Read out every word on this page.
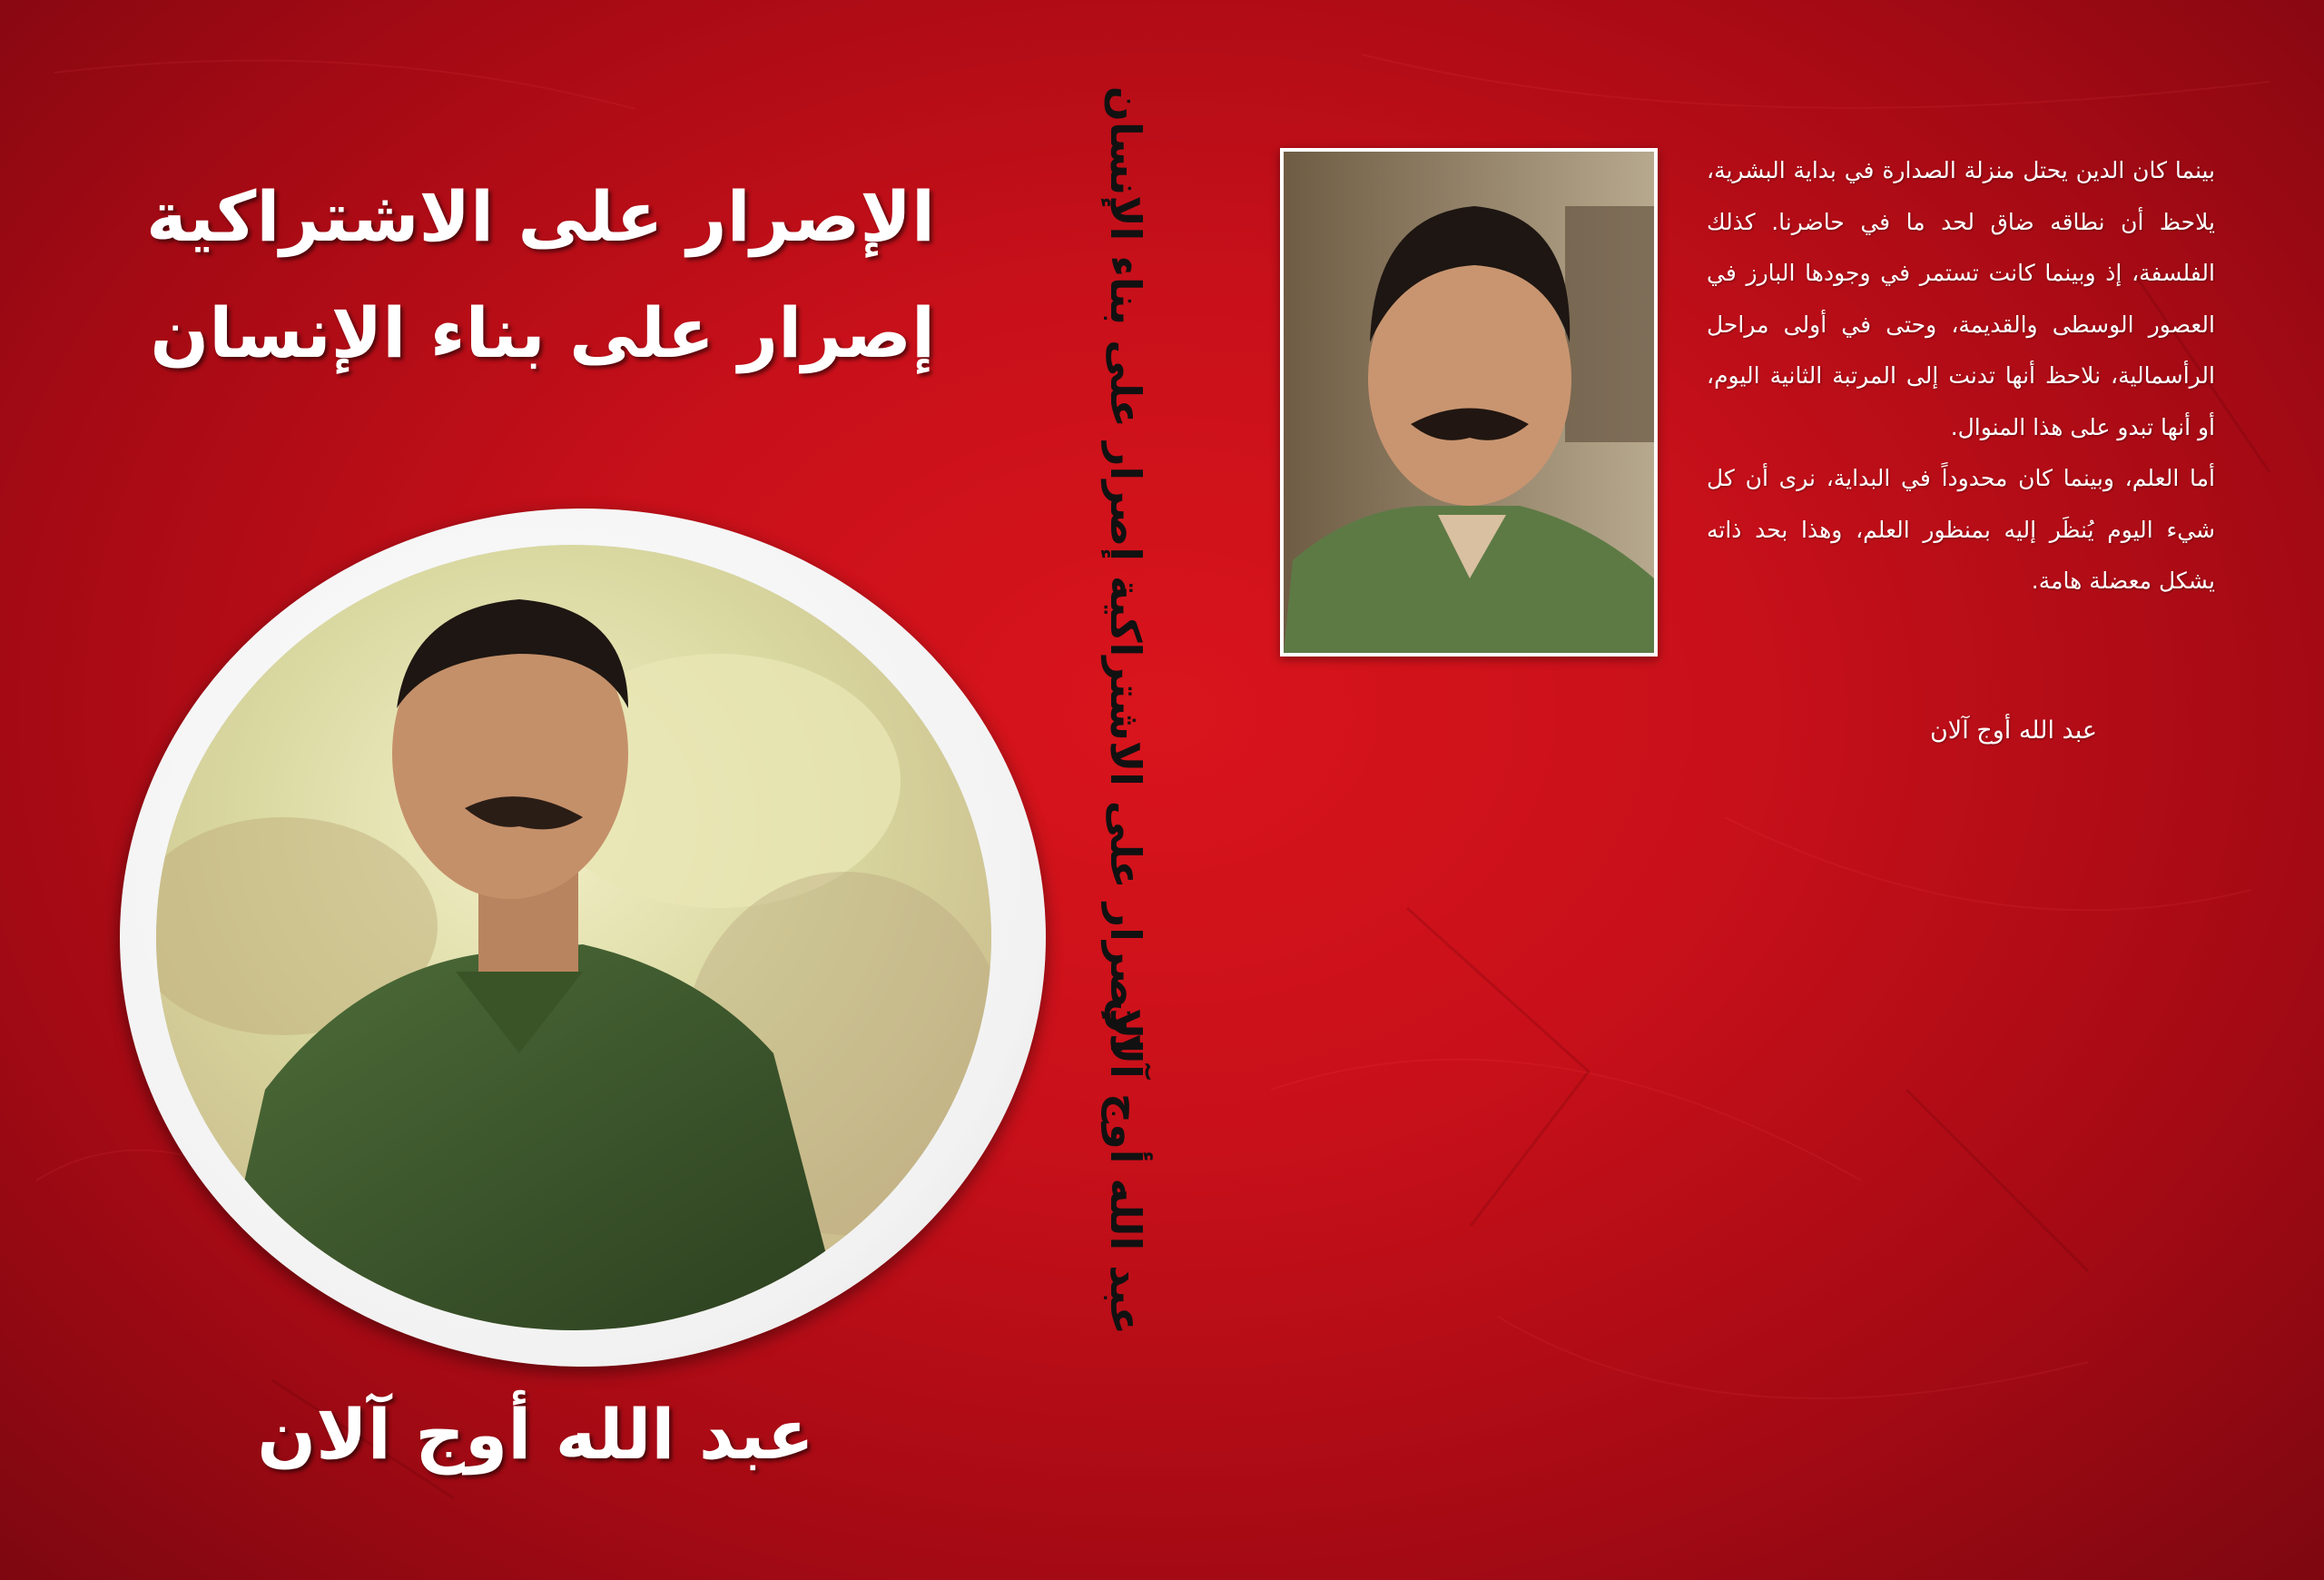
الإصرار على الاشتراكية
إصرار على بناء الإنسان
عبد الله أوج آلان
الإصرار على الاشتراكية إصرار على بناء الإنسان
عبد الله أوج آلان

بينما كان الدين يحتل منزلة الصدارة في بداية البشرية، يلاحظ أن نطاقه ضاق لحد ما في حاضرنا. كذلك الفلسفة، إذ وبينما كانت تستمر في وجودها البارز في العصور الوسطى والقديمة، وحتى في أولى مراحل الرأسمالية، نلاحظ أنها تدنت إلى المرتبة الثانية اليوم، أو أنها تبدو على هذا المنوال.

أما العلم، وبينما كان محدوداً في البداية، نرى أن كل شيء اليوم يُنظَر إليه بمنظور العلم، وهذا بحد ذاته يشكل معضلة هامة.

عبد الله أوج آلان
